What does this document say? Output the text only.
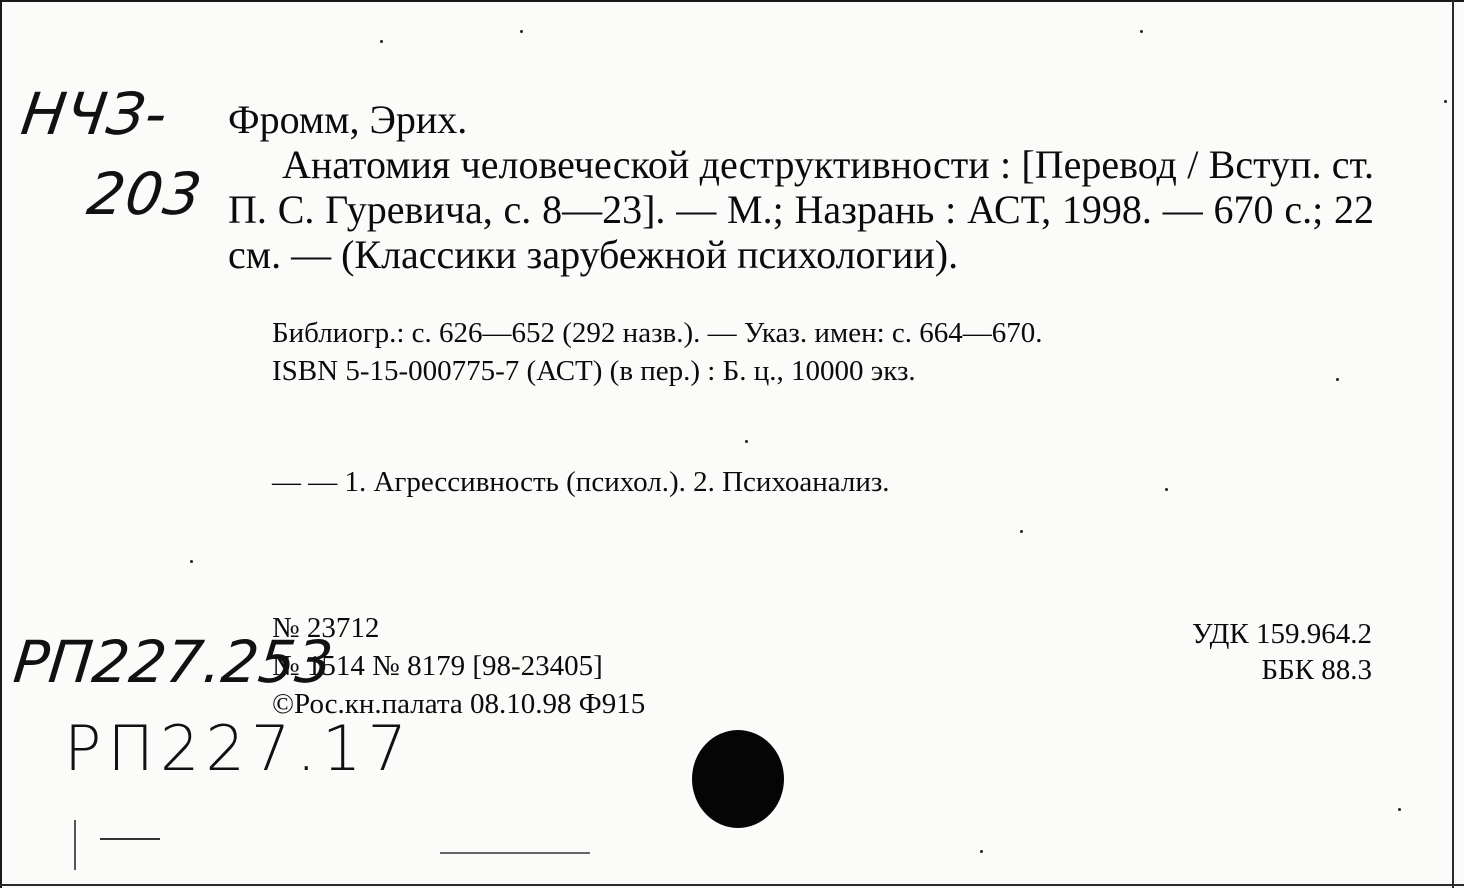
НЧЗ-
203
Фромм, Эрих.
Анатомия человеческой деструктивности : [Перевод / Вступ. ст. П. С. Гуревича, с. 8—23]. — М.; Назрань : АСТ, 1998. — 670 с.; 22 см. — (Классики зарубежной психологии).
Библиогр.: с. 626—652 (292 назв.). — Указ. имен: с. 664—670.
ISBN 5-15-000775-7 (АСТ) (в пер.) : Б. ц., 10000 экз.
— — 1. Агрессивность (психол.). 2. Психоанализ.
№ 23712
№ 1514 № 8179 [98-23405]
©Рос.кн.палата 08.10.98 Ф915
УДК 159.964.2
ББК 88.3
РП227.253
РП227.17
